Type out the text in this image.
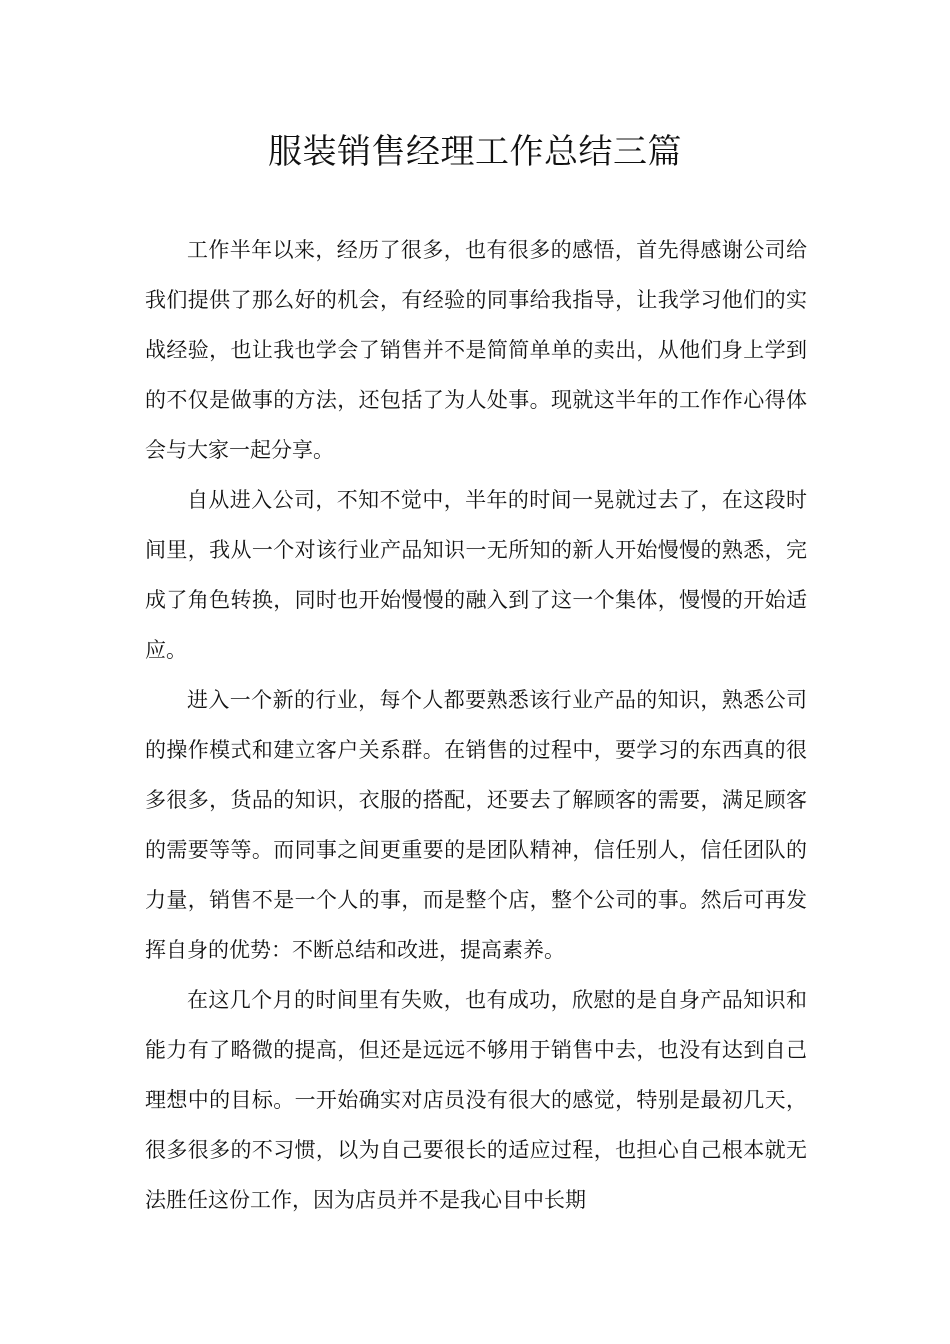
服装销售经理工作总结三篇

工作半年以来，经历了很多，也有很多的感悟，首先得感谢公司给我们提供了那么好的机会，有经验的同事给我指导，让我学习他们的实战经验，也让我也学会了销售并不是简简单单的卖出，从他们身上学到的不仅是做事的方法，还包括了为人处事。现就这半年的工作作心得体会与大家一起分享。

自从进入公司，不知不觉中，半年的时间一晃就过去了，在这段时间里，我从一个对该行业产品知识一无所知的新人开始慢慢的熟悉，完成了角色转换，同时也开始慢慢的融入到了这一个集体，慢慢的开始适应。

进入一个新的行业，每个人都要熟悉该行业产品的知识，熟悉公司的操作模式和建立客户关系群。在销售的过程中，要学习的东西真的很多很多，货品的知识，衣服的搭配，还要去了解顾客的需要，满足顾客的需要等等。而同事之间更重要的是团队精神，信任别人，信任团队的力量，销售不是一个人的事，而是整个店，整个公司的事。然后可再发挥自身的优势：不断总结和改进，提高素养。

在这几个月的时间里有失败，也有成功，欣慰的是自身产品知识和能力有了略微的提高，但还是远远不够用于销售中去，也没有达到自己理想中的目标。一开始确实对店员没有很大的感觉，特别是最初几天，很多很多的不习惯，以为自己要很长的适应过程，也担心自己根本就无法胜任这份工作，因为店员并不是我心目中长期
